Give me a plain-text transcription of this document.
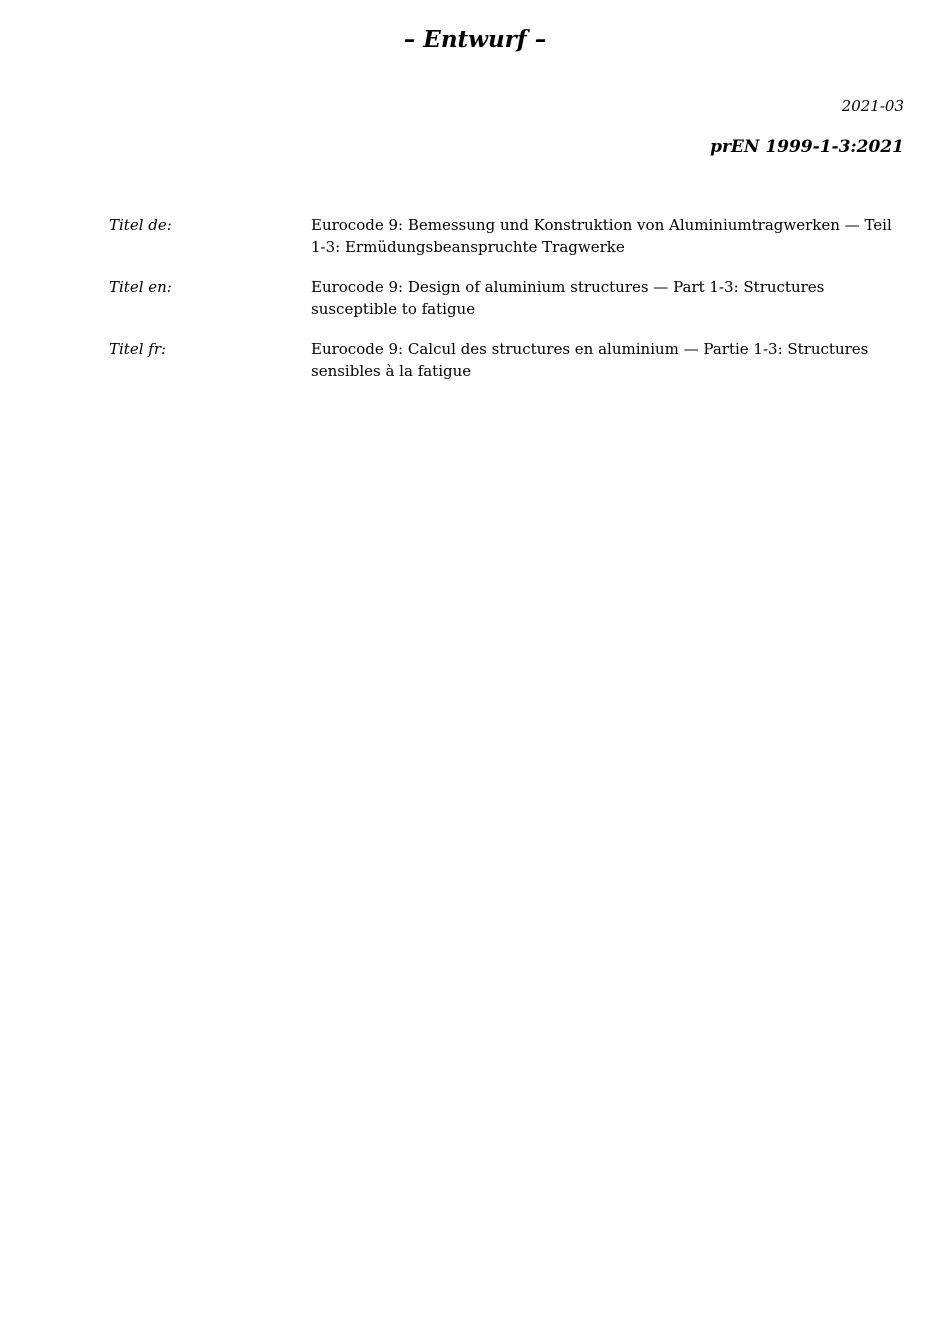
– Entwurf –
2021-03
prEN 1999-1-3:2021
Titel de:	Eurocode 9: Bemessung und Konstruktion von Aluminiumtragwerken — Teil 1-3: Ermüdungsbeanspruchte Tragwerke
Titel en:	Eurocode 9: Design of aluminium structures — Part 1-3: Structures susceptible to fatigue
Titel fr:	Eurocode 9: Calcul des structures en aluminium — Partie 1-3: Structures sensibles à la fatigue
